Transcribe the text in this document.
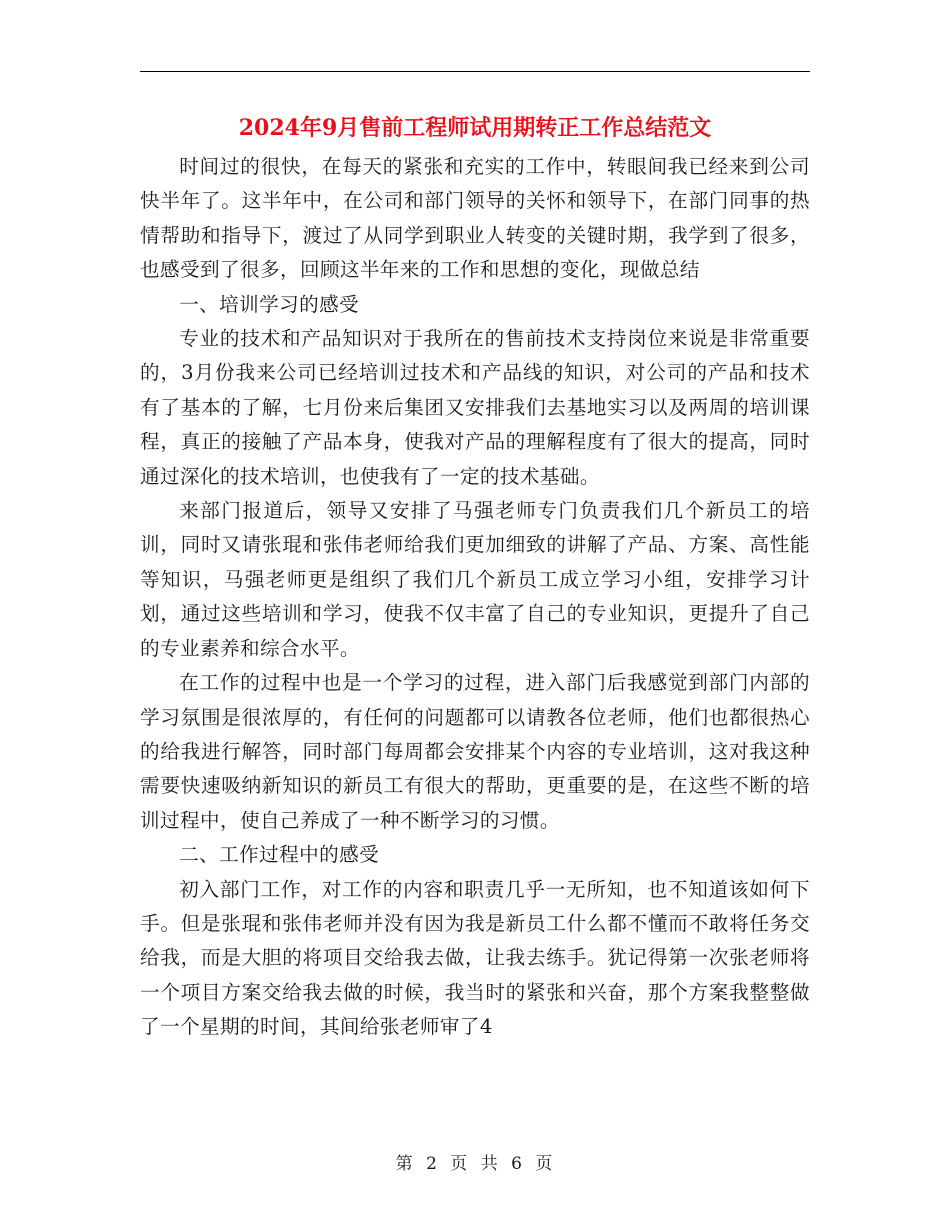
2024年9月售前工程师试用期转正工作总结范文

时间过的很快，在每天的紧张和充实的工作中，转眼间我已经来到公司快半年了。这半年中，在公司和部门领导的关怀和领导下，在部门同事的热情帮助和指导下，渡过了从同学到职业人转变的关键时期，我学到了很多，也感受到了很多，回顾这半年来的工作和思想的变化，现做总结

一、培训学习的感受

专业的技术和产品知识对于我所在的售前技术支持岗位来说是非常重要的，3月份我来公司已经培训过技术和产品线的知识，对公司的产品和技术有了基本的了解，七月份来后集团又安排我们去基地实习以及两周的培训课程，真正的接触了产品本身，使我对产品的理解程度有了很大的提高，同时通过深化的技术培训，也使我有了一定的技术基础。

来部门报道后，领导又安排了马强老师专门负责我们几个新员工的培训，同时又请张琨和张伟老师给我们更加细致的讲解了产品、方案、高性能等知识，马强老师更是组织了我们几个新员工成立学习小组，安排学习计划，通过这些培训和学习，使我不仅丰富了自己的专业知识，更提升了自己的专业素养和综合水平。

在工作的过程中也是一个学习的过程，进入部门后我感觉到部门内部的学习氛围是很浓厚的，有任何的问题都可以请教各位老师，他们也都很热心的给我进行解答，同时部门每周都会安排某个内容的专业培训，这对我这种需要快速吸纳新知识的新员工有很大的帮助，更重要的是，在这些不断的培训过程中，使自己养成了一种不断学习的习惯。

二、工作过程中的感受

初入部门工作，对工作的内容和职责几乎一无所知，也不知道该如何下手。但是张琨和张伟老师并没有因为我是新员工什么都不懂而不敢将任务交给我，而是大胆的将项目交给我去做，让我去练手。犹记得第一次张老师将一个项目方案交给我去做的时候，我当时的紧张和兴奋，那个方案我整整做了一个星期的时间，其间给张老师审了4

第 2 页 共 6 页
